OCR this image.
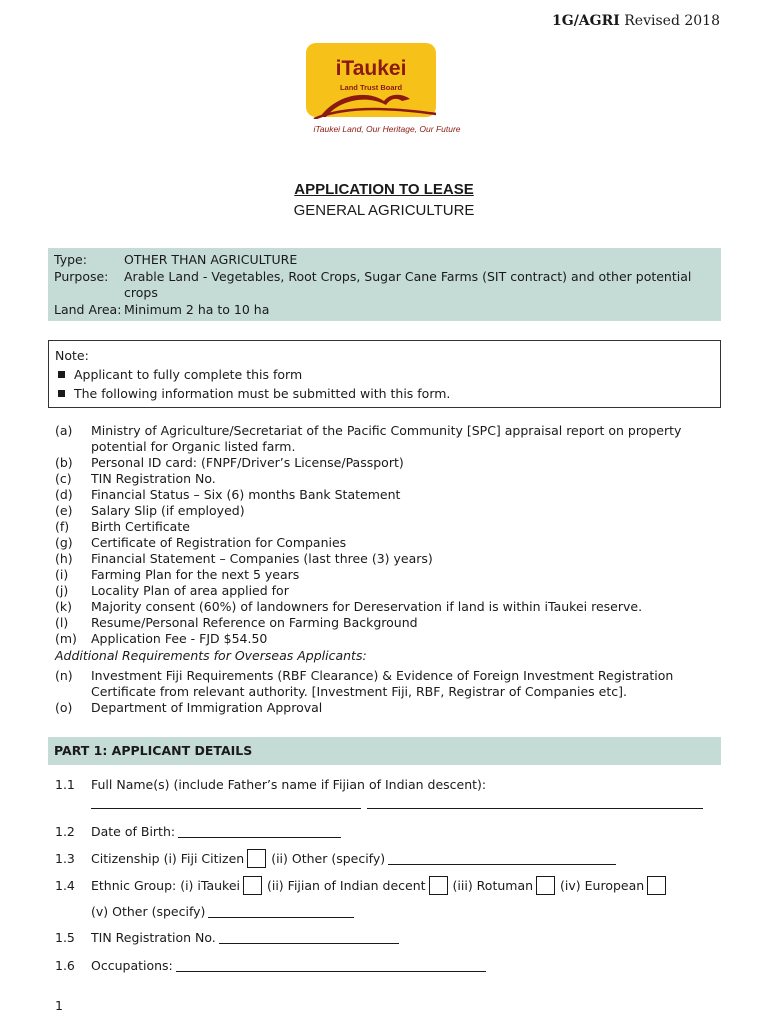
1G/AGRI Revised 2018
iTaukei
Land Trust Board
iTaukei Land, Our Heritage, Our Future
APPLICATION TO LEASE
GENERAL AGRICULTURE
Type:	OTHER THAN AGRICULTURE
Purpose:	Arable Land - Vegetables, Root Crops, Sugar Cane Farms (SIT contract) and other potential crops
Land Area: Minimum 2 ha to 10 ha
Note:
Applicant to fully complete this form
The following information must be submitted with this form.
(a)	Ministry of Agriculture/Secretariat of the Pacific Community [SPC] appraisal report on property potential for Organic listed farm.
(b)	Personal ID card: (FNPF/Driver’s License/Passport)
(c)	TIN Registration No.
(d)	Financial Status – Six (6) months Bank Statement
(e)	Salary Slip (if employed)
(f)	Birth Certificate
(g)	Certificate of Registration for Companies
(h)	Financial Statement – Companies (last three (3) years)
(i)	Farming Plan for the next 5 years
(j)	Locality Plan of area applied for
(k)	Majority consent (60%) of landowners for Dereservation if land is within iTaukei reserve.
(l)	Resume/Personal Reference on Farming Background
(m)	Application Fee - FJD $54.50
Additional Requirements for Overseas Applicants:
(n)	Investment Fiji Requirements (RBF Clearance) & Evidence of Foreign Investment Registration Certificate from relevant authority. [Investment Fiji, RBF, Registrar of Companies etc].
(o)	Department of Immigration Approval
PART 1: APPLICANT DETAILS
1.1	Full Name(s) (include Father’s name if Fijian of Indian descent):
1.2	Date of Birth:
1.3	Citizenship (i) Fiji Citizen (ii) Other (specify)
1.4	Ethnic Group: (i) iTaukei (ii) Fijian of Indian decent (iii) Rotuman (iv) European
(v) Other (specify)
1.5	TIN Registration No.
1.6	Occupations:
1
